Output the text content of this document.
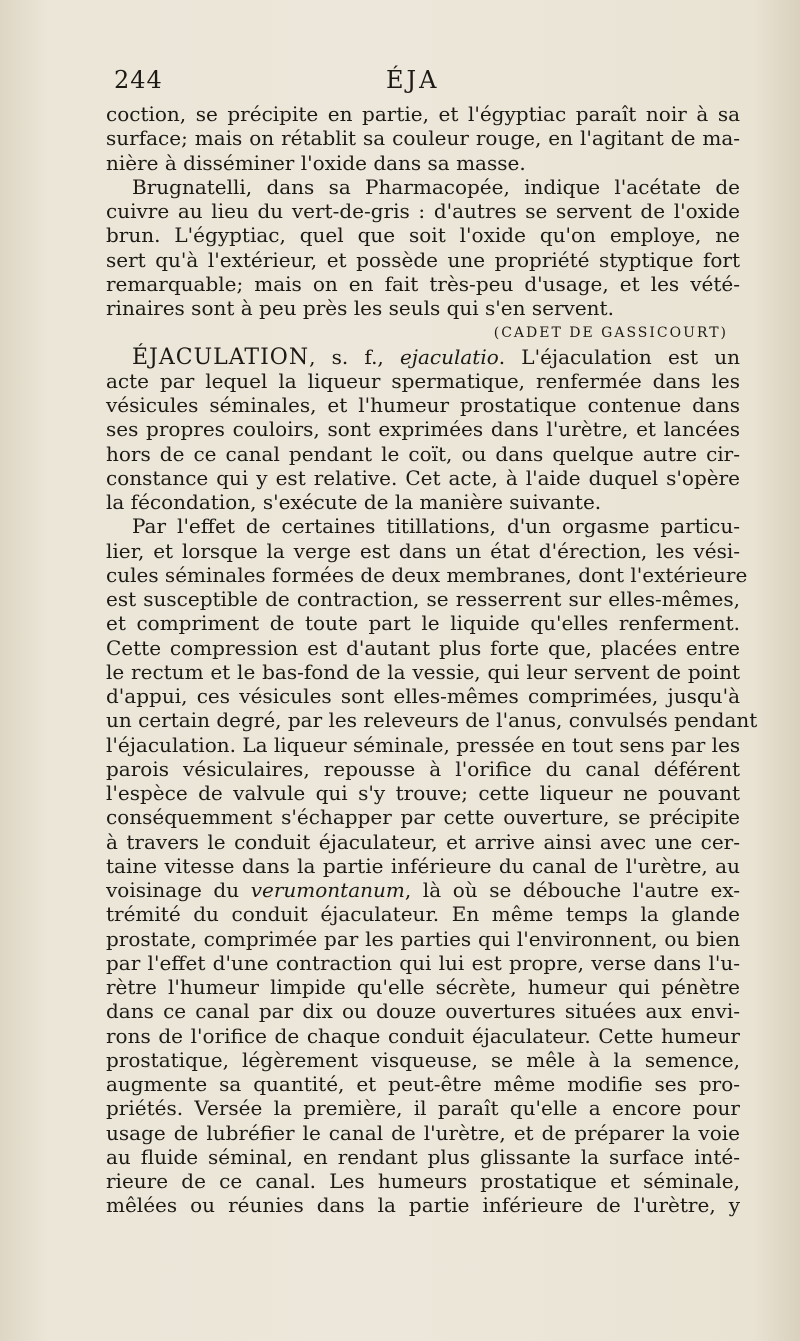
244	ÉJA
coction, se précipite en partie, et l'égyptiac paraît noir à sa
surface; mais on rétablit sa couleur rouge, en l'agitant de ma-
nière à disséminer l'oxide dans sa masse.
Brugnatelli, dans sa Pharmacopée, indique l'acétate de
cuivre au lieu du vert-de-gris : d'autres se servent de l'oxide
brun. L'égyptiac, quel que soit l'oxide qu'on employe, ne
sert qu'à l'extérieur, et possède une propriété styptique fort
remarquable; mais on en fait très-peu d'usage, et les vété-
rinaires sont à peu près les seuls qui s'en servent.
(CADET DE GASSICOURT)
ÉJACULATION, s. f., ejaculatio. L'éjaculation est un
acte par lequel la liqueur spermatique, renfermée dans les
vésicules séminales, et l'humeur prostatique contenue dans
ses propres couloirs, sont exprimées dans l'urètre, et lancées
hors de ce canal pendant le coït, ou dans quelque autre cir-
constance qui y est relative. Cet acte, à l'aide duquel s'opère
la fécondation, s'exécute de la manière suivante.
Par l'effet de certaines titillations, d'un orgasme particu-
lier, et lorsque la verge est dans un état d'érection, les vési-
cules séminales formées de deux membranes, dont l'extérieure
est susceptible de contraction, se resserrent sur elles-mêmes,
et compriment de toute part le liquide qu'elles renferment.
Cette compression est d'autant plus forte que, placées entre
le rectum et le bas-fond de la vessie, qui leur servent de point
d'appui, ces vésicules sont elles-mêmes comprimées, jusqu'à
un certain degré, par les releveurs de l'anus, convulsés pendant
l'éjaculation. La liqueur séminale, pressée en tout sens par les
parois vésiculaires, repousse à l'orifice du canal déférent
l'espèce de valvule qui s'y trouve; cette liqueur ne pouvant
conséquemment s'échapper par cette ouverture, se précipite
à travers le conduit éjaculateur, et arrive ainsi avec une cer-
taine vitesse dans la partie inférieure du canal de l'urètre, au
voisinage du verumontanum, là où se débouche l'autre ex-
trémité du conduit éjaculateur. En même temps la glande
prostate, comprimée par les parties qui l'environnent, ou bien
par l'effet d'une contraction qui lui est propre, verse dans l'u-
rètre l'humeur limpide qu'elle sécrète, humeur qui pénètre
dans ce canal par dix ou douze ouvertures situées aux envi-
rons de l'orifice de chaque conduit éjaculateur. Cette humeur
prostatique, légèrement visqueuse, se mêle à la semence,
augmente sa quantité, et peut-être même modifie ses pro-
priétés. Versée la première, il paraît qu'elle a encore pour
usage de lubréfier le canal de l'urètre, et de préparer la voie
au fluide séminal, en rendant plus glissante la surface inté-
rieure de ce canal. Les humeurs prostatique et séminale,
mêlées ou réunies dans la partie inférieure de l'urètre, y
